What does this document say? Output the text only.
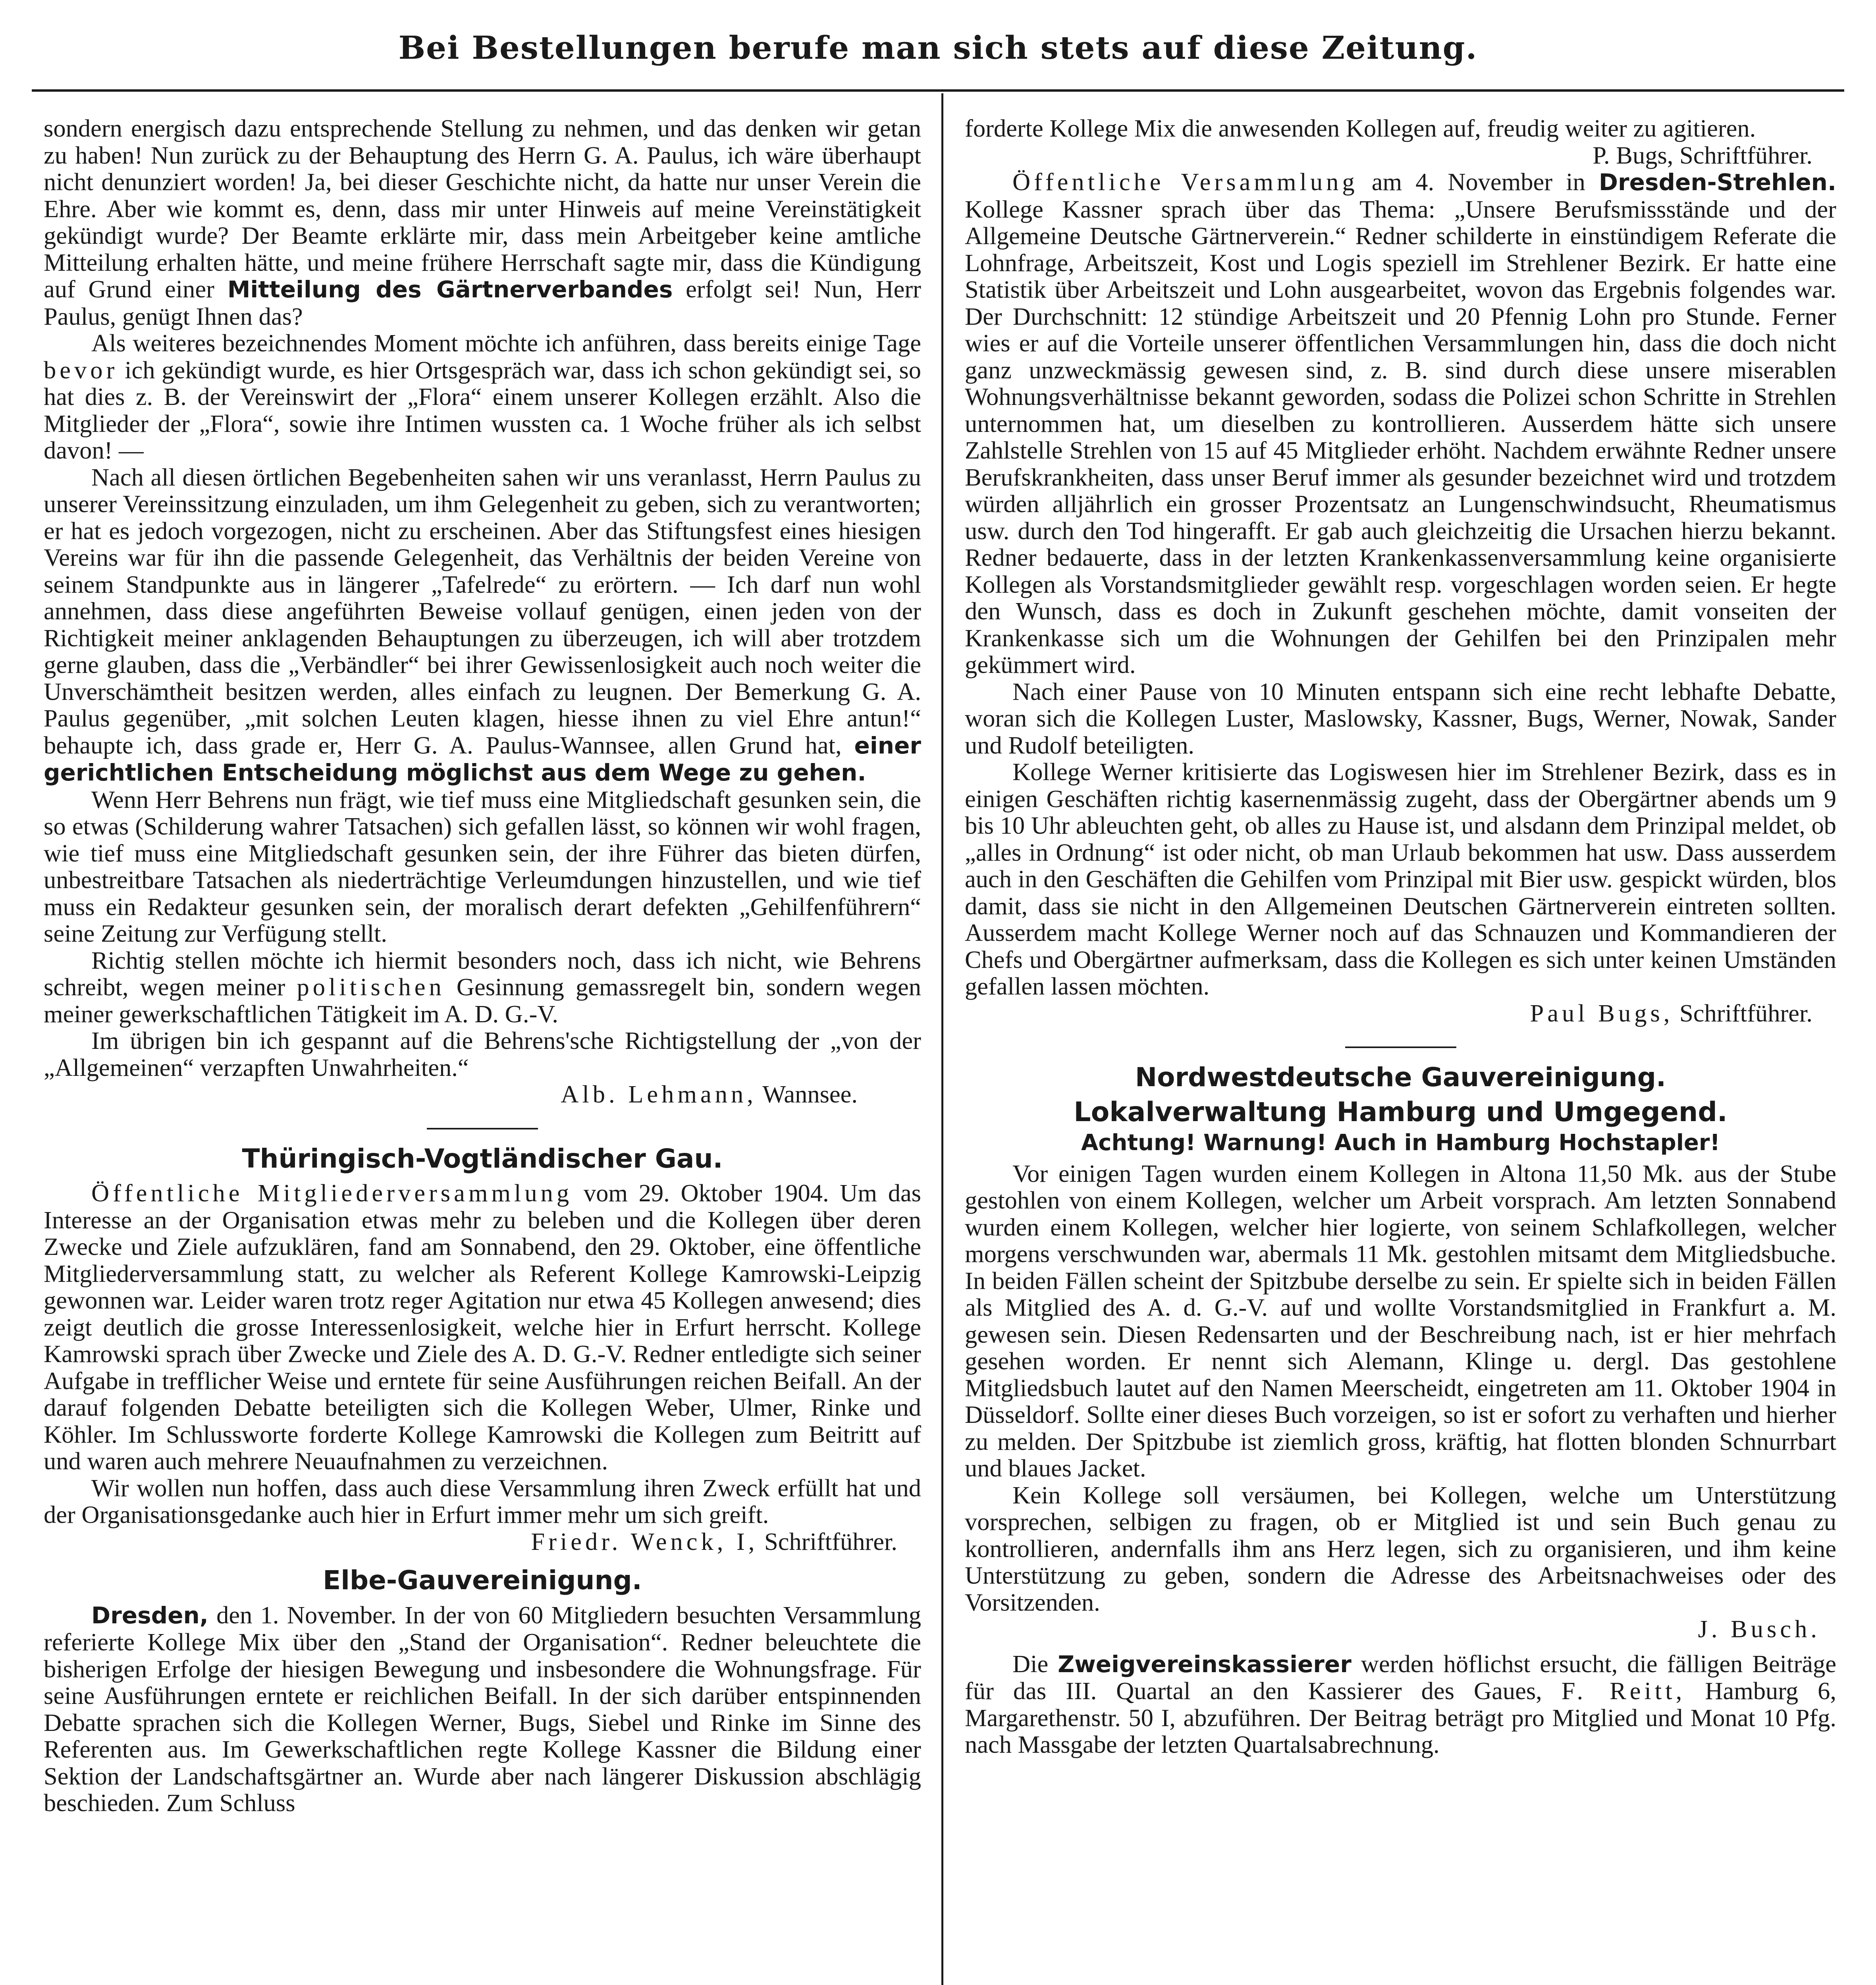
Bei Bestellungen berufe man sich stets auf diese Zeitung.

sondern energisch dazu entsprechende Stellung zu nehmen, und das denken wir getan zu haben! Nun zurück zu der Behauptung des Herrn G. A. Paulus, ich wäre überhaupt nicht denunziert worden! Ja, bei dieser Geschichte nicht, da hatte nur unser Verein die Ehre. Aber wie kommt es, denn, dass mir unter Hinweis auf meine Vereinstätigkeit gekündigt wurde? Der Beamte erklärte mir, dass mein Arbeitgeber keine amtliche Mitteilung erhalten hätte, und meine frühere Herrschaft sagte mir, dass die Kündigung auf Grund einer Mitteilung des Gärtnerverbandes erfolgt sei! Nun, Herr Paulus, genügt Ihnen das?

Als weiteres bezeichnendes Moment möchte ich anführen, dass bereits einige Tage bevor ich gekündigt wurde, es hier Ortsgespräch war, dass ich schon gekündigt sei, so hat dies z. B. der Vereinswirt der „Flora“ einem unserer Kollegen erzählt. Also die Mitglieder der „Flora“, sowie ihre Intimen wussten ca. 1 Woche früher als ich selbst davon! —

Nach all diesen örtlichen Begebenheiten sahen wir uns veranlasst, Herrn Paulus zu unserer Vereinssitzung einzuladen, um ihm Gelegenheit zu geben, sich zu verantworten; er hat es jedoch vorgezogen, nicht zu erscheinen. Aber das Stiftungsfest eines hiesigen Vereins war für ihn die passende Gelegenheit, das Verhältnis der beiden Vereine von seinem Standpunkte aus in längerer „Tafelrede“ zu erörtern. — Ich darf nun wohl annehmen, dass diese angeführten Beweise vollauf genügen, einen jeden von der Richtigkeit meiner anklagenden Behauptungen zu überzeugen, ich will aber trotzdem gerne glauben, dass die „Verbändler“ bei ihrer Gewissenlosigkeit auch noch weiter die Unverschämtheit besitzen werden, alles einfach zu leugnen. Der Bemerkung G. A. Paulus gegenüber, „mit solchen Leuten klagen, hiesse ihnen zu viel Ehre antun!“ behaupte ich, dass grade er, Herr G. A. Paulus-Wannsee, allen Grund hat, einer gerichtlichen Entscheidung möglichst aus dem Wege zu gehen.

Wenn Herr Behrens nun frägt, wie tief muss eine Mitgliedschaft gesunken sein, die so etwas (Schilderung wahrer Tatsachen) sich gefallen lässt, so können wir wohl fragen, wie tief muss eine Mitgliedschaft gesunken sein, der ihre Führer das bieten dürfen, unbestreitbare Tatsachen als niederträchtige Verleumdungen hinzustellen, und wie tief muss ein Redakteur gesunken sein, der moralisch derart defekten „Gehilfenführern“ seine Zeitung zur Verfügung stellt.

Richtig stellen möchte ich hiermit besonders noch, dass ich nicht, wie Behrens schreibt, wegen meiner politischen Gesinnung gemassregelt bin, sondern wegen meiner gewerkschaftlichen Tätigkeit im A. D. G.-V.

Im übrigen bin ich gespannt auf die Behrens'sche Richtigstellung der „von der „Allgemeinen“ verzapften Unwahrheiten.“

Alb. Lehmann, Wannsee.

Thüringisch-Vogtländischer Gau.

Öffentliche Mitgliederversammlung vom 29. Oktober 1904. Um das Interesse an der Organisation etwas mehr zu beleben und die Kollegen über deren Zwecke und Ziele aufzuklären, fand am Sonnabend, den 29. Oktober, eine öffentliche Mitgliederversammlung statt, zu welcher als Referent Kollege Kamrowski-Leipzig gewonnen war. Leider waren trotz reger Agitation nur etwa 45 Kollegen anwesend; dies zeigt deutlich die grosse Interessenlosigkeit, welche hier in Erfurt herrscht. Kollege Kamrowski sprach über Zwecke und Ziele des A. D. G.-V. Redner entledigte sich seiner Aufgabe in trefflicher Weise und erntete für seine Ausführungen reichen Beifall. An der darauf folgenden Debatte beteiligten sich die Kollegen Weber, Ulmer, Rinke und Köhler. Im Schlussworte forderte Kollege Kamrowski die Kollegen zum Beitritt auf und waren auch mehrere Neuaufnahmen zu verzeichnen.

Wir wollen nun hoffen, dass auch diese Versammlung ihren Zweck erfüllt hat und der Organisationsgedanke auch hier in Erfurt immer mehr um sich greift.

Friedr. Wenck, I, Schriftführer.

Elbe-Gauvereinigung.

Dresden, den 1. November. In der von 60 Mitgliedern besuchten Versammlung referierte Kollege Mix über den „Stand der Organisation“. Redner beleuchtete die bisherigen Erfolge der hiesigen Bewegung und insbesondere die Wohnungsfrage. Für seine Ausführungen erntete er reichlichen Beifall. In der sich darüber entspinnenden Debatte sprachen sich die Kollegen Werner, Bugs, Siebel und Rinke im Sinne des Referenten aus. Im Gewerkschaftlichen regte Kollege Kassner die Bildung einer Sektion der Landschaftsgärtner an. Wurde aber nach längerer Diskussion abschlägig beschieden. Zum Schluss

forderte Kollege Mix die anwesenden Kollegen auf, freudig weiter zu agitieren.

P. Bugs, Schriftführer.

Öffentliche Versammlung am 4. November in Dresden-Strehlen. Kollege Kassner sprach über das Thema: „Unsere Berufsmissstände und der Allgemeine Deutsche Gärtnerverein.“ Redner schilderte in einstündigem Referate die Lohnfrage, Arbeitszeit, Kost und Logis speziell im Strehlener Bezirk. Er hatte eine Statistik über Arbeitszeit und Lohn ausgearbeitet, wovon das Ergebnis folgendes war. Der Durchschnitt: 12 stündige Arbeitszeit und 20 Pfennig Lohn pro Stunde. Ferner wies er auf die Vorteile unserer öffentlichen Versammlungen hin, dass die doch nicht ganz unzweckmässig gewesen sind, z. B. sind durch diese unsere miserablen Wohnungsverhältnisse bekannt geworden, sodass die Polizei schon Schritte in Strehlen unternommen hat, um dieselben zu kontrollieren. Ausserdem hätte sich unsere Zahlstelle Strehlen von 15 auf 45 Mitglieder erhöht. Nachdem erwähnte Redner unsere Berufskrankheiten, dass unser Beruf immer als gesunder bezeichnet wird und trotzdem würden alljährlich ein grosser Prozentsatz an Lungenschwindsucht, Rheumatismus usw. durch den Tod hingerafft. Er gab auch gleichzeitig die Ursachen hierzu bekannt. Redner bedauerte, dass in der letzten Krankenkassenversammlung keine organisierte Kollegen als Vorstandsmitglieder gewählt resp. vorgeschlagen worden seien. Er hegte den Wunsch, dass es doch in Zukunft geschehen möchte, damit vonseiten der Krankenkasse sich um die Wohnungen der Gehilfen bei den Prinzipalen mehr gekümmert wird.

Nach einer Pause von 10 Minuten entspann sich eine recht lebhafte Debatte, woran sich die Kollegen Luster, Maslowsky, Kassner, Bugs, Werner, Nowak, Sander und Rudolf beteiligten.

Kollege Werner kritisierte das Logiswesen hier im Strehlener Bezirk, dass es in einigen Geschäften richtig kasernenmässig zugeht, dass der Obergärtner abends um 9 bis 10 Uhr ableuchten geht, ob alles zu Hause ist, und alsdann dem Prinzipal meldet, ob „alles in Ordnung“ ist oder nicht, ob man Urlaub bekommen hat usw. Dass ausserdem auch in den Geschäften die Gehilfen vom Prinzipal mit Bier usw. gespickt würden, blos damit, dass sie nicht in den Allgemeinen Deutschen Gärtnerverein eintreten sollten. Ausserdem macht Kollege Werner noch auf das Schnauzen und Kommandieren der Chefs und Obergärtner aufmerksam, dass die Kollegen es sich unter keinen Umständen gefallen lassen möchten.

Paul Bugs, Schriftführer.

Nordwestdeutsche Gauvereinigung.
Lokalverwaltung Hamburg und Umgegend.
Achtung! Warnung! Auch in Hamburg Hochstapler!

Vor einigen Tagen wurden einem Kollegen in Altona 11,50 Mk. aus der Stube gestohlen von einem Kollegen, welcher um Arbeit vorsprach. Am letzten Sonnabend wurden einem Kollegen, welcher hier logierte, von seinem Schlafkollegen, welcher morgens verschwunden war, abermals 11 Mk. gestohlen mitsamt dem Mitgliedsbuche. In beiden Fällen scheint der Spitzbube derselbe zu sein. Er spielte sich in beiden Fällen als Mitglied des A. d. G.-V. auf und wollte Vorstandsmitglied in Frankfurt a. M. gewesen sein. Diesen Redensarten und der Beschreibung nach, ist er hier mehrfach gesehen worden. Er nennt sich Alemann, Klinge u. dergl. Das gestohlene Mitgliedsbuch lautet auf den Namen Meerscheidt, eingetreten am 11. Oktober 1904 in Düsseldorf. Sollte einer dieses Buch vorzeigen, so ist er sofort zu verhaften und hierher zu melden. Der Spitzbube ist ziemlich gross, kräftig, hat flotten blonden Schnurrbart und blaues Jacket.

Kein Kollege soll versäumen, bei Kollegen, welche um Unterstützung vorsprechen, selbigen zu fragen, ob er Mitglied ist und sein Buch genau zu kontrollieren, andernfalls ihm ans Herz legen, sich zu organisieren, und ihm keine Unterstützung zu geben, sondern die Adresse des Arbeitsnachweises oder des Vorsitzenden.

J. Busch.

Die Zweigvereinskassierer werden höflichst ersucht, die fälligen Beiträge für das III. Quartal an den Kassierer des Gaues, F. Reitt, Hamburg 6, Margarethenstr. 50 I, abzuführen. Der Beitrag beträgt pro Mitglied und Monat 10 Pfg. nach Massgabe der letzten Quartalsabrechnung.
